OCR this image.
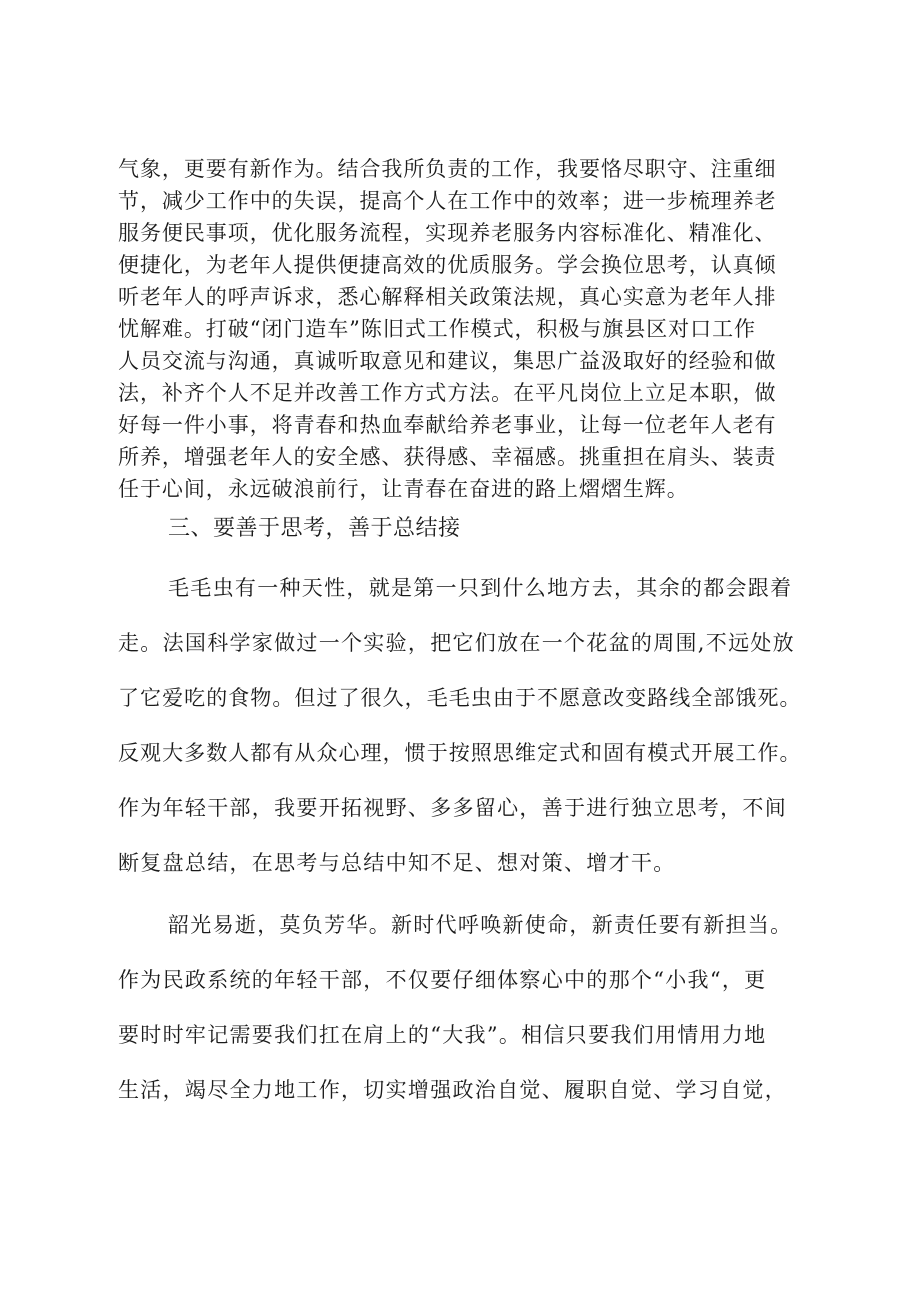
气象，更要有新作为。结合我所负责的工作，我要恪尽职守、注重细
节，减少工作中的失误，提高个人在工作中的效率；进一步梳理养老
服务便民事项，优化服务流程，实现养老服务内容标准化、精准化、
便捷化，为老年人提供便捷高效的优质服务。学会换位思考，认真倾
听老年人的呼声诉求，悉心解释相关政策法规，真心实意为老年人排
忧解难。打破“闭门造车”陈旧式工作模式，积极与旗县区对口工作
人员交流与沟通，真诚听取意见和建议，集思广益汲取好的经验和做
法，补齐个人不足并改善工作方式方法。在平凡岗位上立足本职，做
好每一件小事，将青春和热血奉献给养老事业，让每一位老年人老有
所养，增强老年人的安全感、获得感、幸福感。挑重担在肩头、装责
任于心间，永远破浪前行，让青春在奋进的路上熠熠生辉。
三、要善于思考，善于总结接
毛毛虫有一种天性，就是第一只到什么地方去，其余的都会跟着
走。法国科学家做过一个实验，把它们放在一个花盆的周围,不远处放
了它爱吃的食物。但过了很久，毛毛虫由于不愿意改变路线全部饿死。
反观大多数人都有从众心理，惯于按照思维定式和固有模式开展工作。
作为年轻干部，我要开拓视野、多多留心，善于进行独立思考，不间
断复盘总结，在思考与总结中知不足、想对策、增才干。
韶光易逝，莫负芳华。新时代呼唤新使命，新责任要有新担当。
作为民政系统的年轻干部，不仅要仔细体察心中的那个“小我“，更
要时时牢记需要我们扛在肩上的“大我”。相信只要我们用情用力地
生活，竭尽全力地工作，切实增强政治自觉、履职自觉、学习自觉，
